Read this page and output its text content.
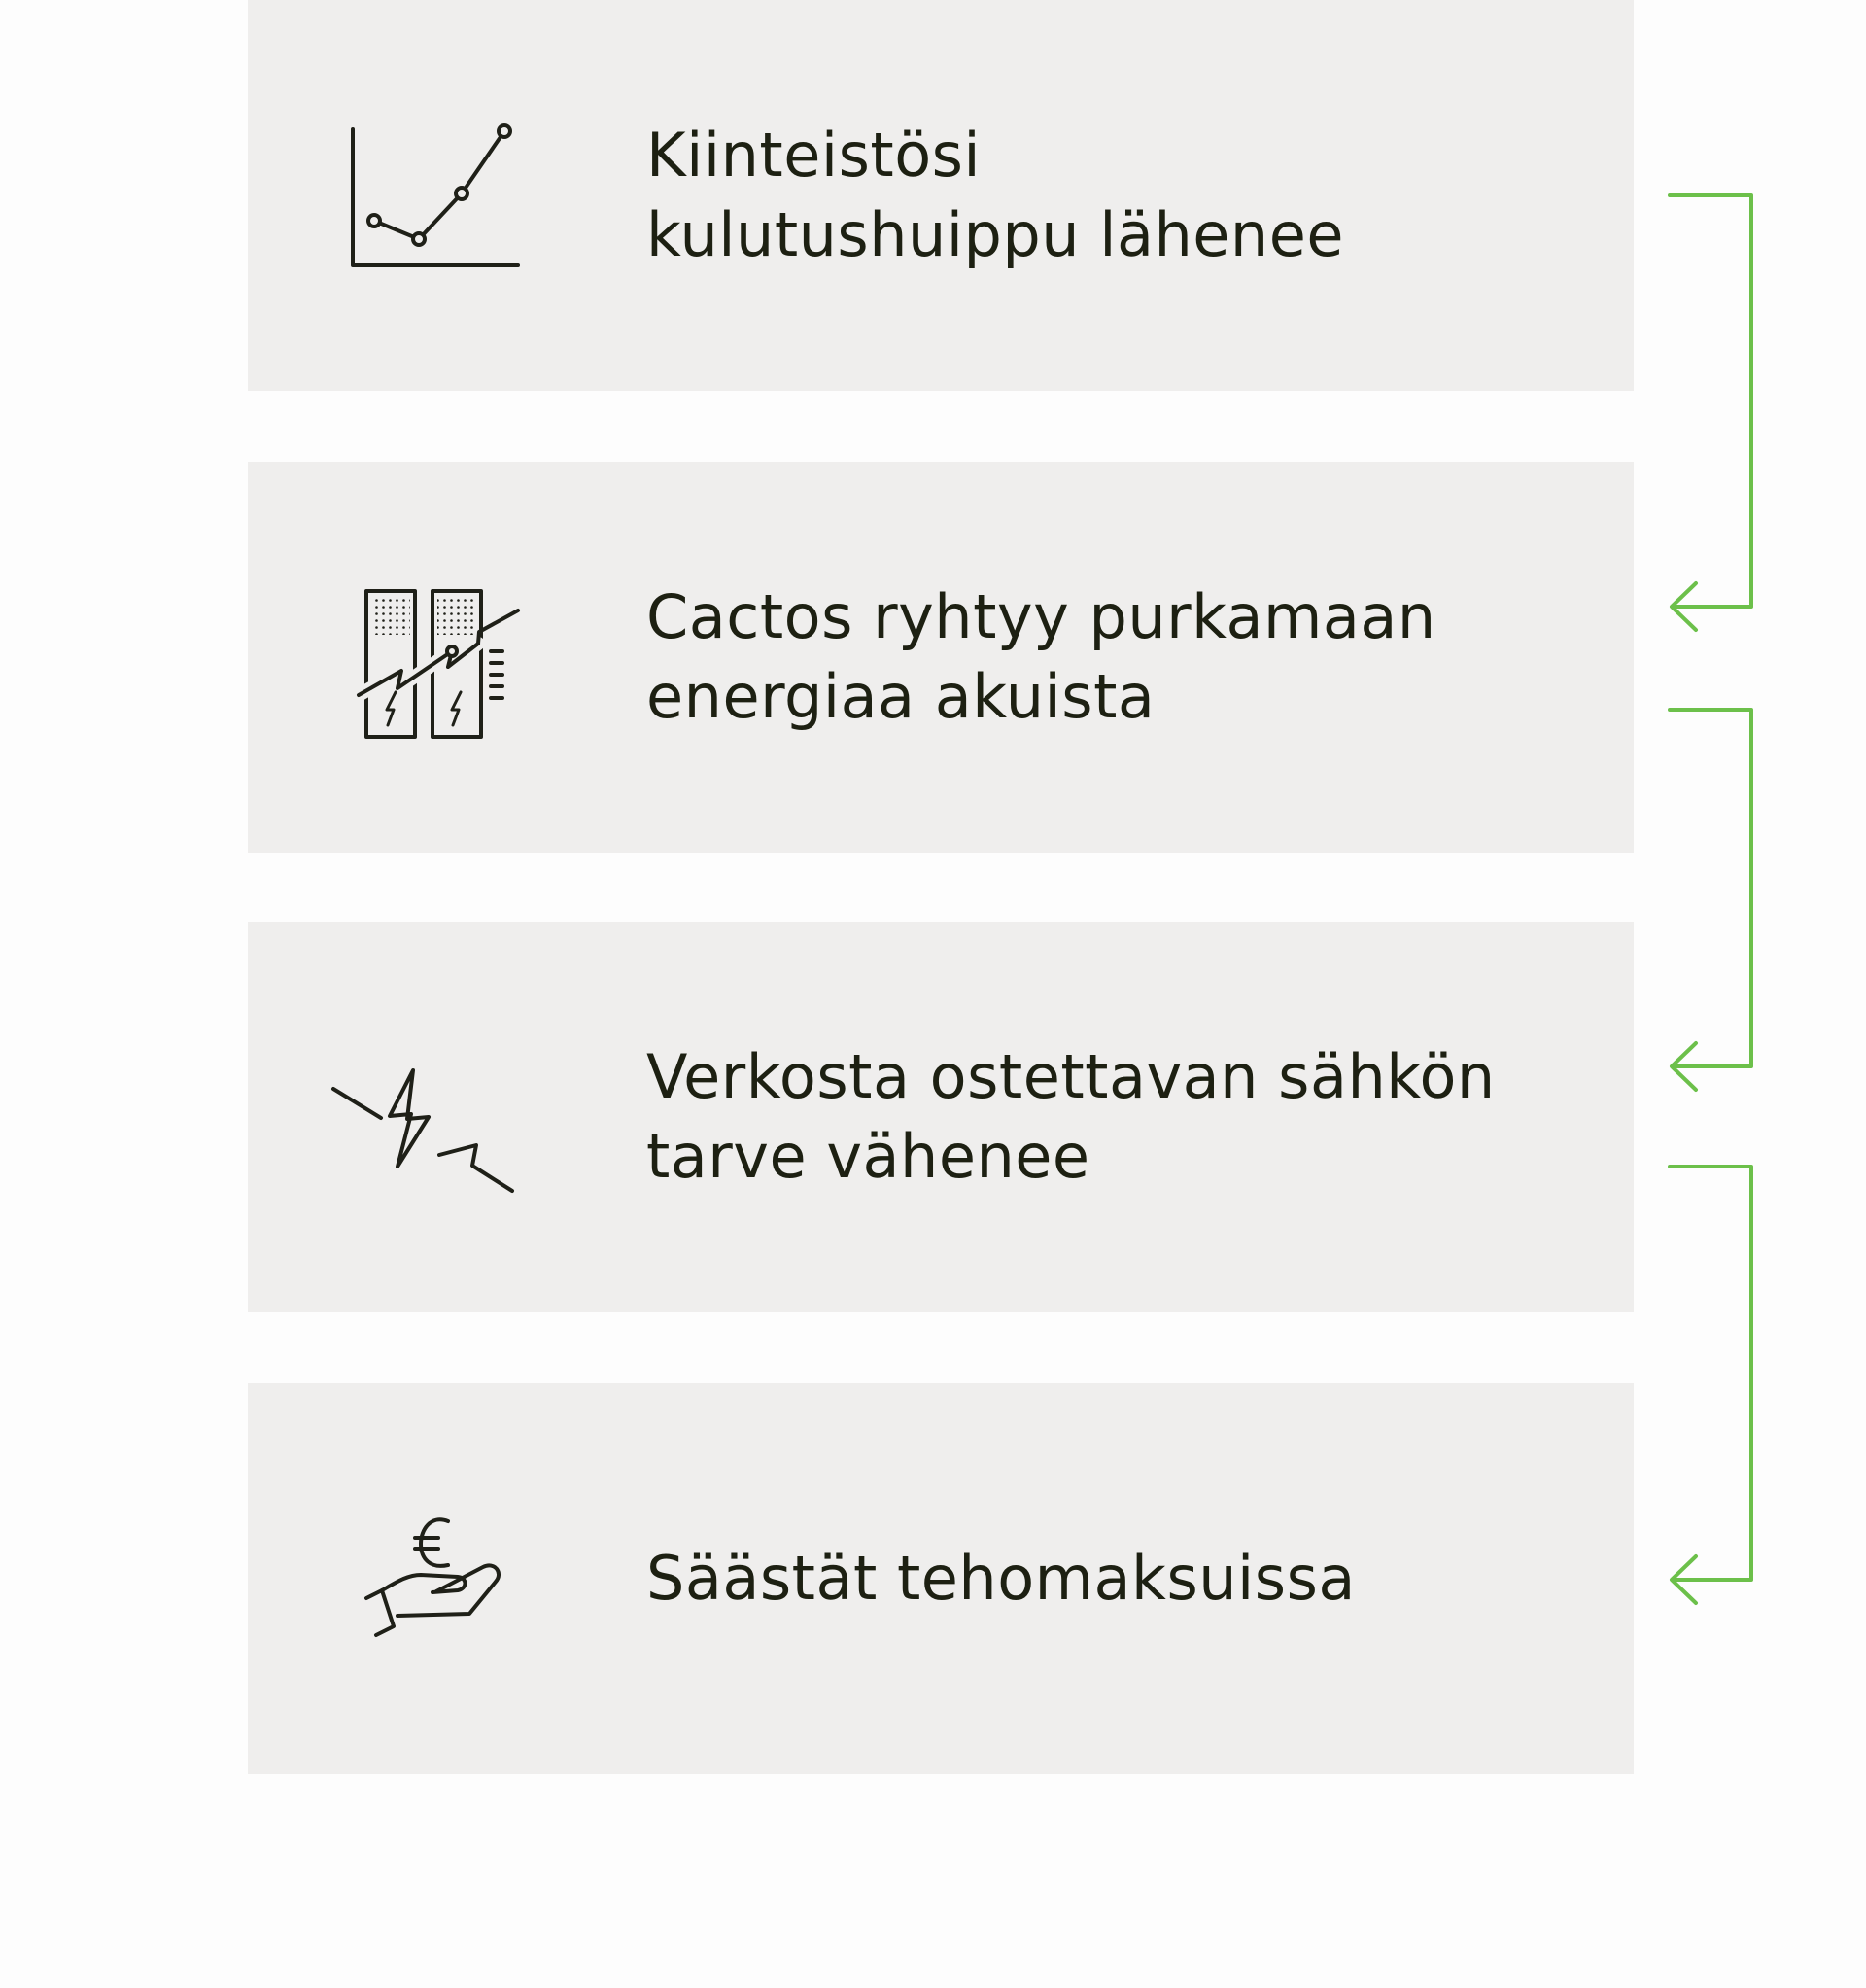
Kiinteistösi
kulutushuippu lähenee
Cactos ryhtyy purkamaan
energiaa akuista
Verkosta ostettavan sähkön
tarve vähenee
Säästät tehomaksuissa
